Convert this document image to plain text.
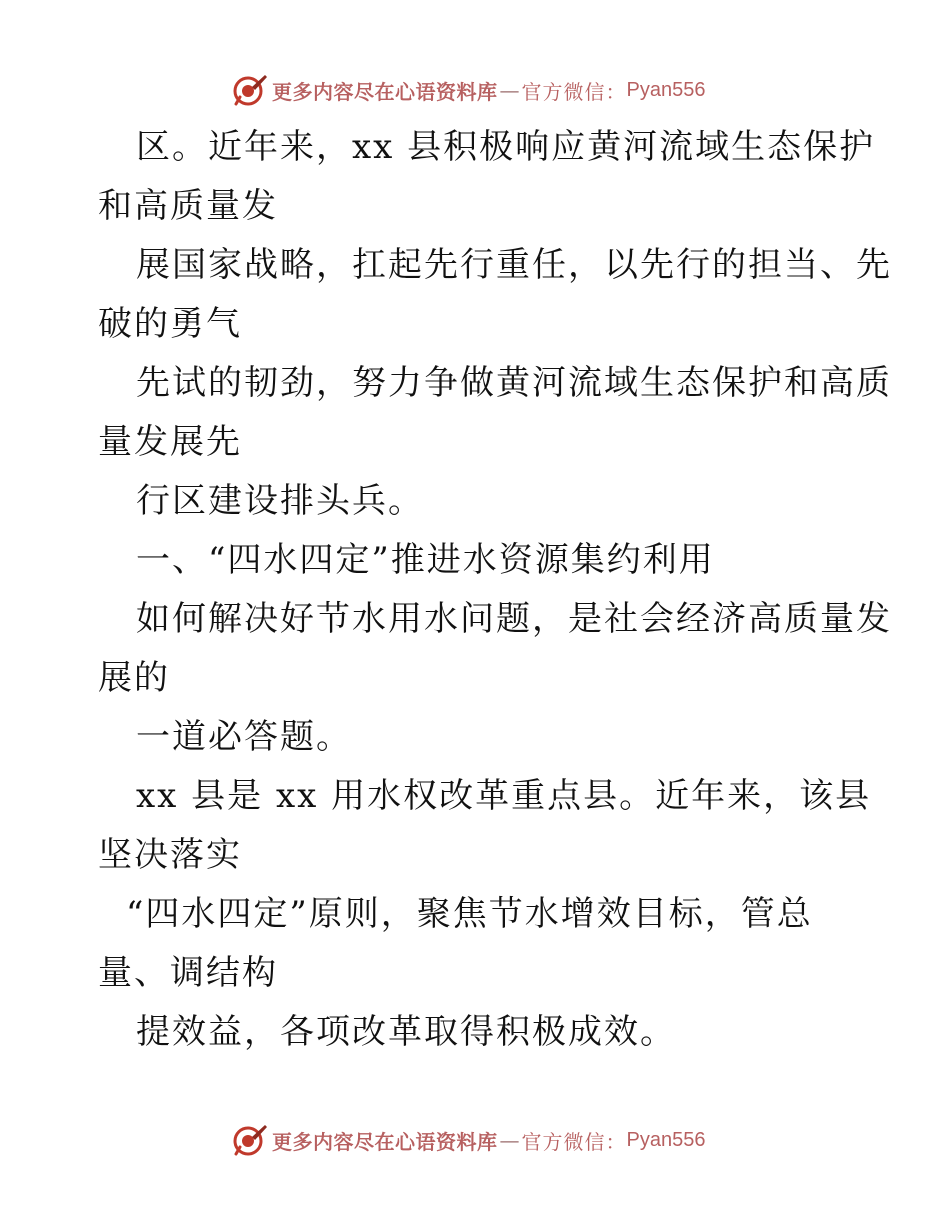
更多内容尽在心语资料库 — 官方微信： Pyan556
区。近年来，xx 县积极响应黄河流域生态保护
和高质量发
展国家战略，扛起先行重任，以先行的担当、先
破的勇气
先试的韧劲，努力争做黄河流域生态保护和高质
量发展先
行区建设排头兵。
一、“四水四定”推进水资源集约利用
如何解决好节水用水问题，是社会经济高质量发
展的
一道必答题。
xx 县是 xx 用水权改革重点县。近年来，该县
坚决落实
“四水四定”原则，聚焦节水增效目标，管总
量、调结构
提效益，各项改革取得积极成效。
更多内容尽在心语资料库 — 官方微信： Pyan556
